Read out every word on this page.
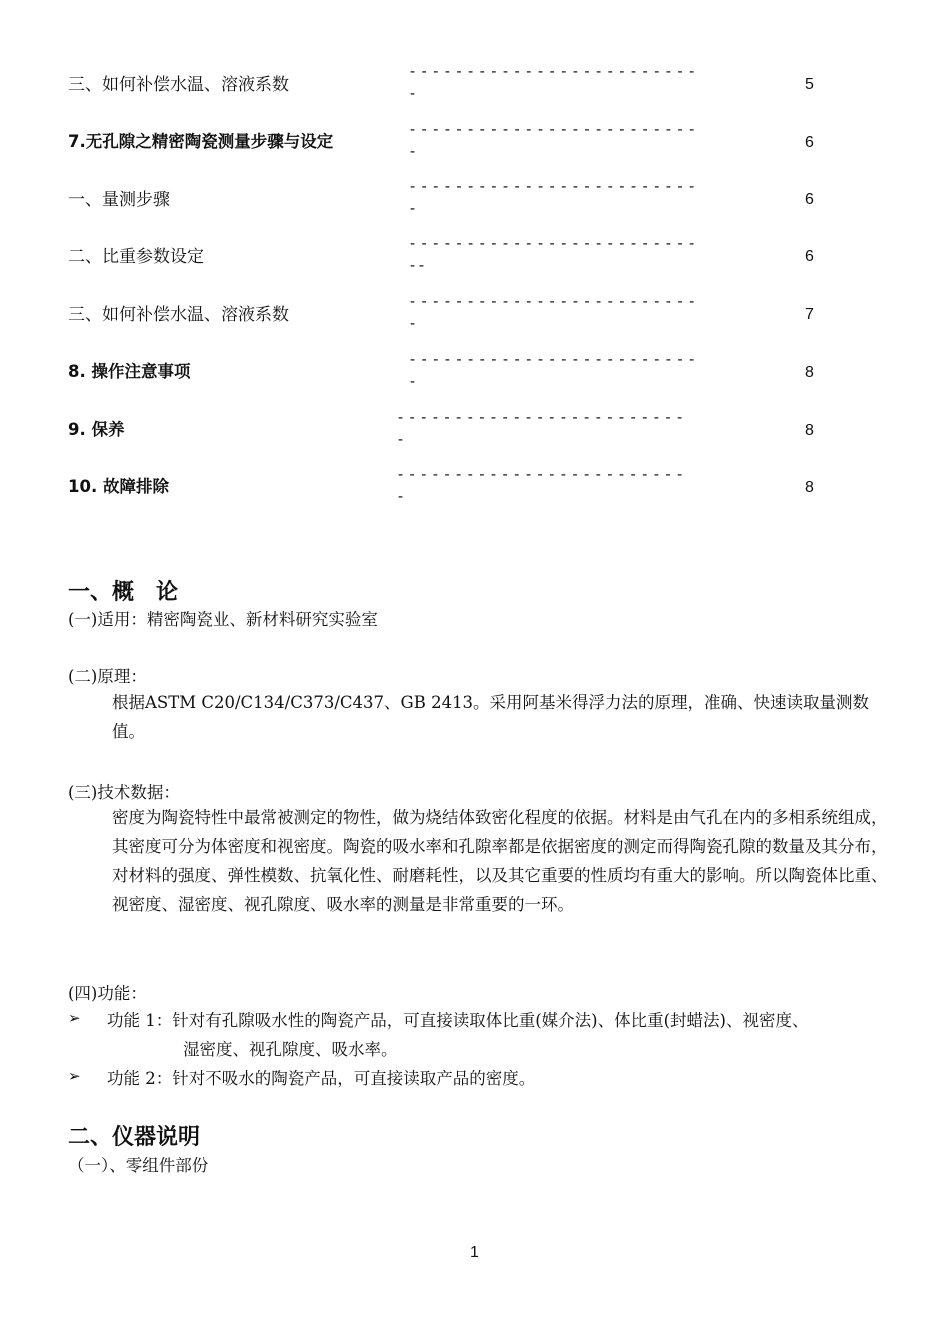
三、如何补偿水温、溶液系数
-------------------------
-	5
7.无孔隙之精密陶瓷测量步骤与设定
-------------------------
-	6
一、量测步骤
-------------------------
-	6
二、比重参数设定
-------------------------
--	6
三、如何补偿水温、溶液系数
-------------------------
-	7
8. 操作注意事项
-------------------------
-	8
9. 保养
-------------------------
-	8
10. 故障排除
-------------------------
-	8
一、概　论
(一)适用：精密陶瓷业、新材料研究实验室
(二)原理：
根据ASTM C20/C134/C373/C437、GB 2413。采用阿基米得浮力法的原理，准确、快速读取量测数值。
(三)技术数据：
密度为陶瓷特性中最常被测定的物性，做为烧结体致密化程度的依据。材料是由气孔在内的多相系统组成，其密度可分为体密度和视密度。陶瓷的吸水率和孔隙率都是依据密度的测定而得陶瓷孔隙的数量及其分布，对材料的强度、弹性模数、抗氧化性、耐磨耗性，以及其它重要的性质均有重大的影响。所以陶瓷体比重、视密度、湿密度、视孔隙度、吸水率的测量是非常重要的一环。
(四)功能：
➢ 功能 1：针对有孔隙吸水性的陶瓷产品，可直接读取体比重(媒介法)、体比重(封蜡法)、视密度、
湿密度、视孔隙度、吸水率。
➢ 功能 2：针对不吸水的陶瓷产品，可直接读取产品的密度。
二、仪器说明
（一）、零组件部份
1
